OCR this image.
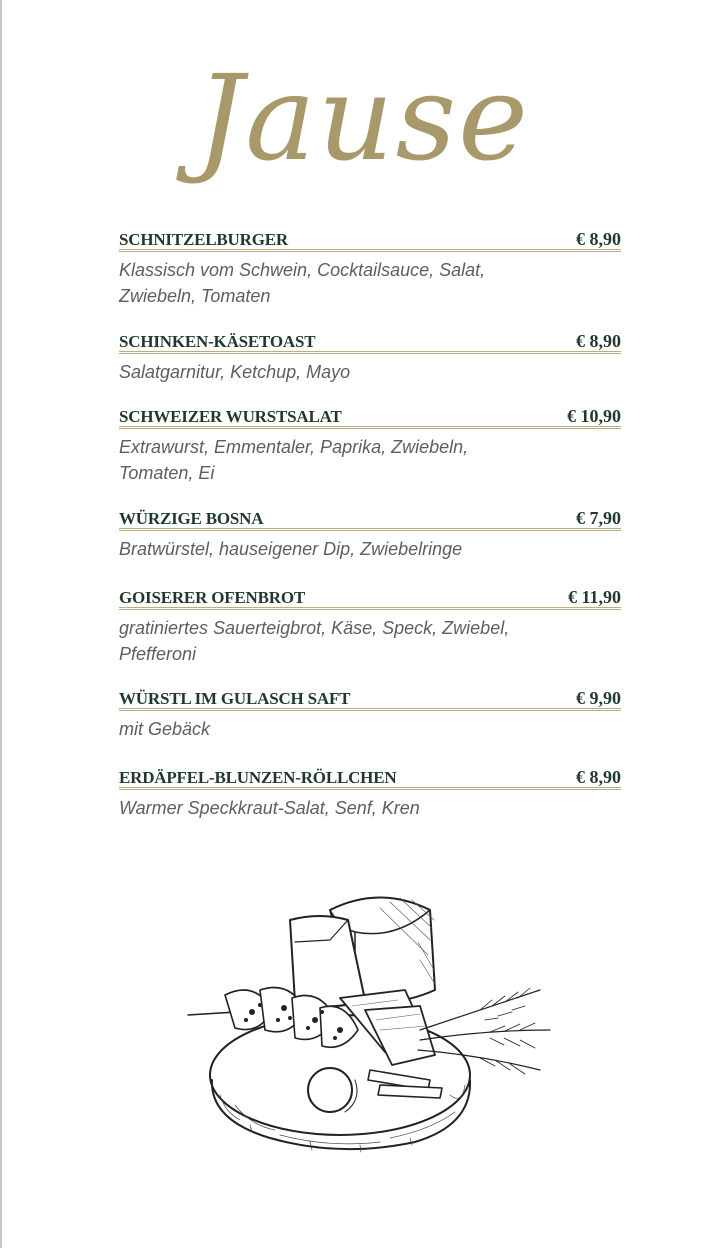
Jause
SCHNITZELBURGER	€ 8,90

Klassisch vom Schwein, Cocktailsauce, Salat, Zwiebeln, Tomaten

SCHINKEN-KÄSETOAST	€ 8,90

Salatgarnitur, Ketchup, Mayo

SCHWEIZER WURSTSALAT	€ 10,90

Extrawurst, Emmentaler, Paprika, Zwiebeln, Tomaten, Ei

WÜRZIGE BOSNA	€ 7,90

Bratwürstel, hauseigener Dip, Zwiebelringe

GOISERER OFENBROT	€ 11,90

gratiniertes Sauerteigbrot, Käse, Speck, Zwiebel, Pfefferoni

WÜRSTL IM GULASCH SAFT	€ 9,90

mit Gebäck

ERDÄPFEL-BLUNZEN-RÖLLCHEN	€ 8,90

Warmer Speckkraut-Salat, Senf, Kren
